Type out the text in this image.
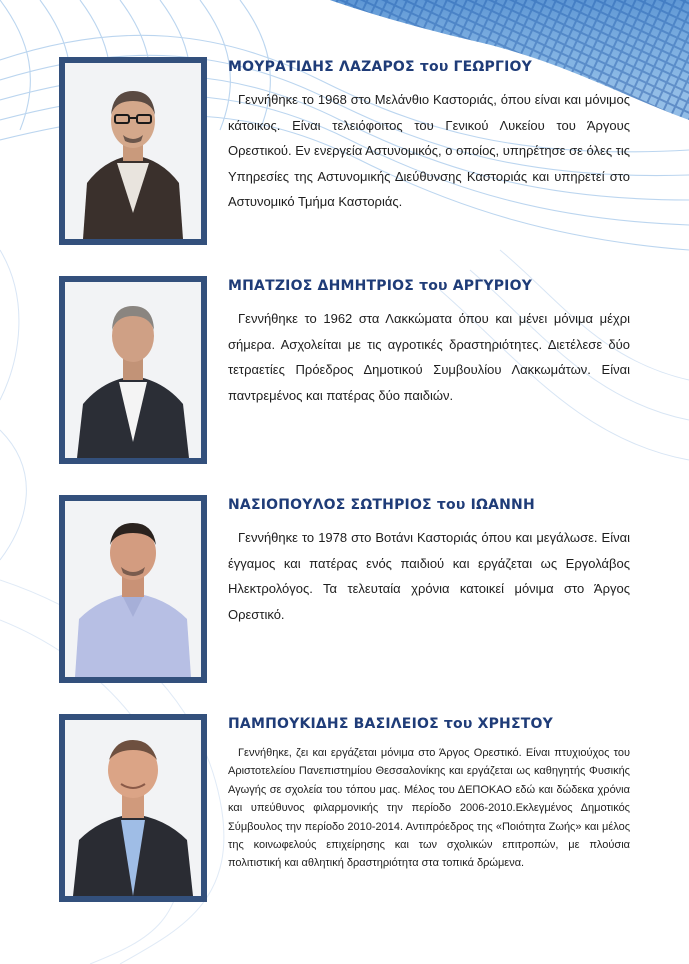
ΜΟΥΡΑΤΙΔΗΣ ΛΑΖΑΡΟΣ του ΓΕΩΡΓΙΟΥ
Γεννήθηκε το 1968 στο Μελάνθιο Καστοριάς, όπου είναι και μόνιμος κάτοικος. Είναι τελειόφοιτος του Γενικού Λυκείου του Άργους Ορεστικού. Εν ενεργεία Αστυνομικός, ο οποίος, υπηρέτησε σε όλες τις Υπηρεσίες της Αστυνομικής Διεύθυνσης Καστοριάς και υπηρετεί στο Αστυνομικό Τμήμα Καστοριάς.
ΜΠΑΤΖΙΟΣ ΔΗΜΗΤΡΙΟΣ του ΑΡΓΥΡΙΟΥ
Γεννήθηκε το 1962 στα Λακκώματα όπου και μένει μόνιμα μέχρι σήμερα. Ασχολείται με τις αγροτικές δραστηριότητες. Διετέλεσε δύο τετραετίες Πρόεδρος Δημοτικού Συμβουλίου Λακκωμάτων. Είναι παντρεμένος και πατέρας δύο παιδιών.
ΝΑΣΙΟΠΟΥΛΟΣ ΣΩΤΗΡΙΟΣ του ΙΩΑΝΝΗ
Γεννήθηκε το 1978 στο Βοτάνι Καστοριάς όπου και μεγάλωσε. Είναι έγγαμος και πατέρας ενός παιδιού και εργάζεται ως Εργολάβος Ηλεκτρολόγος. Τα τελευταία χρόνια κατοικεί μόνιμα στο Άργος Ορεστικό.
ΠΑΜΠΟΥΚΙΔΗΣ ΒΑΣΙΛΕΙΟΣ του ΧΡΗΣΤΟΥ
Γεννήθηκε, ζει και εργάζεται μόνιμα στο Άργος Ορεστικό. Είναι πτυχιούχος του Αριστοτελείου Πανεπιστημίου Θεσσαλονίκης και εργάζεται ως καθηγητής Φυσικής Αγωγής σε σχολεία του τόπου μας. Μέλος του ΔΕΠΟΚΑΟ εδώ και δώδεκα χρόνια και υπεύθυνος φιλαρμονικής την περίοδο 2006-2010.Εκλεγμένος Δημοτικός Σύμβουλος την περίοδο 2010-2014. Αντιπρόεδρος της «Ποιότητα Ζωής» και μέλος της κοινωφελούς επιχείρησης και των σχολικών επιτροπών, με πλούσια πολιτιστική και αθλητική δραστηριότητα στα τοπικά δρώμενα.
